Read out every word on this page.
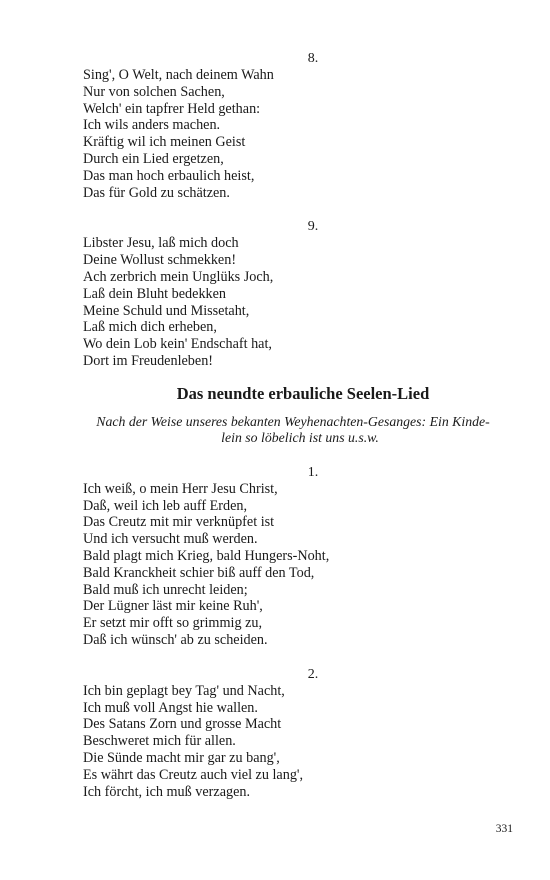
8.
Sing', O Welt, nach deinem Wahn
Nur von solchen Sachen,
Welch' ein tapfrer Held gethan:
Ich wils anders machen.
Kräftig wil ich meinen Geist
Durch ein Lied ergetzen,
Das man hoch erbaulich heist,
Das für Gold zu schätzen.
9.
Libster Jesu, laß mich doch
Deine Wollust schmekken!
Ach zerbrich mein Unglüks Joch,
Laß dein Bluht bedekken
Meine Schuld und Missetaht,
Laß mich dich erheben,
Wo dein Lob kein' Endschaft hat,
Dort im Freudenleben!
Das neundte erbauliche Seelen-Lied
Nach der Weise unseres bekanten Weyhenachten-Gesanges: Ein Kinde-
lein so löbelich ist uns u.s.w.
1.
Ich weiß, o mein Herr Jesu Christ,
Daß, weil ich leb auff Erden,
Das Creutz mit mir verknüpfet ist
Und ich versucht muß werden.
Bald plagt mich Krieg, bald Hungers-Noht,
Bald Kranckheit schier biß auff den Tod,
Bald muß ich unrecht leiden;
Der Lügner läst mir keine Ruh',
Er setzt mir offt so grimmig zu,
Daß ich wünsch' ab zu scheiden.
2.
Ich bin geplagt bey Tag' und Nacht,
Ich muß voll Angst hie wallen.
Des Satans Zorn und grosse Macht
Beschweret mich für allen.
Die Sünde macht mir gar zu bang',
Es währt das Creutz auch viel zu lang',
Ich förcht, ich muß verzagen.
331
